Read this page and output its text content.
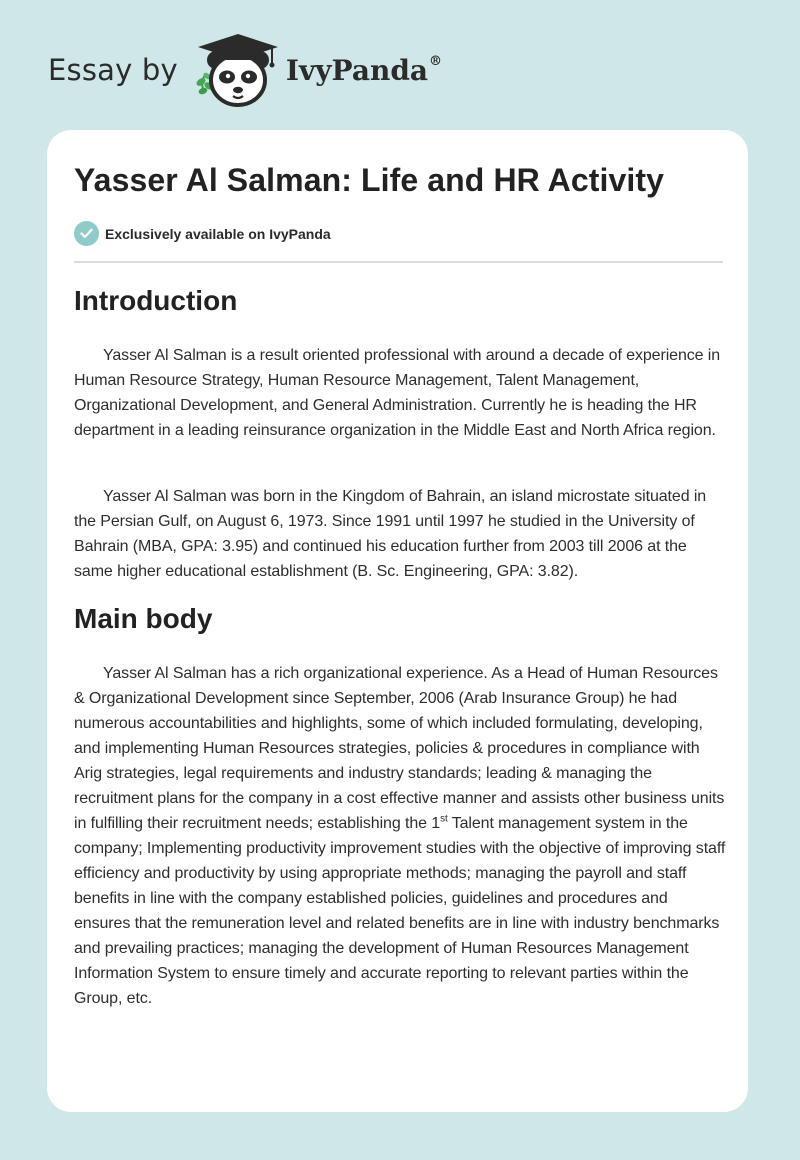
Essay by	IvyPanda®
Yasser Al Salman: Life and HR Activity
Exclusively available on IvyPanda
Introduction

Yasser Al Salman is a result oriented professional with around a decade of experience in Human Resource Strategy, Human Resource Management, Talent Management, Organizational Development, and General Administration. Currently he is heading the HR department in a leading reinsurance organization in the Middle East and North Africa region.

Yasser Al Salman was born in the Kingdom of Bahrain, an island microstate situated in the Persian Gulf, on August 6, 1973. Since 1991 until 1997 he studied in the University of Bahrain (MBA, GPA: 3.95) and continued his education further from 2003 till 2006 at the same higher educational establishment (B. Sc. Engineering, GPA: 3.82).

Main body

Yasser Al Salman has a rich organizational experience. As a Head of Human Resources & Organizational Development since September, 2006 (Arab Insurance Group) he had numerous accountabilities and highlights, some of which included formulating, developing, and implementing Human Resources strategies, policies & procedures in compliance with Arig strategies, legal requirements and industry standards; leading & managing the recruitment plans for the company in a cost effective manner and assists other business units in fulfilling their recruitment needs; establishing the 1st Talent management system in the company; Implementing productivity improvement studies with the objective of improving staff efficiency and productivity by using appropriate methods; managing the payroll and staff benefits in line with the company established policies, guidelines and procedures and ensures that the remuneration level and related benefits are in line with industry benchmarks and prevailing practices; managing the development of Human Resources Management Information System to ensure timely and accurate reporting to relevant parties within the Group, etc.
